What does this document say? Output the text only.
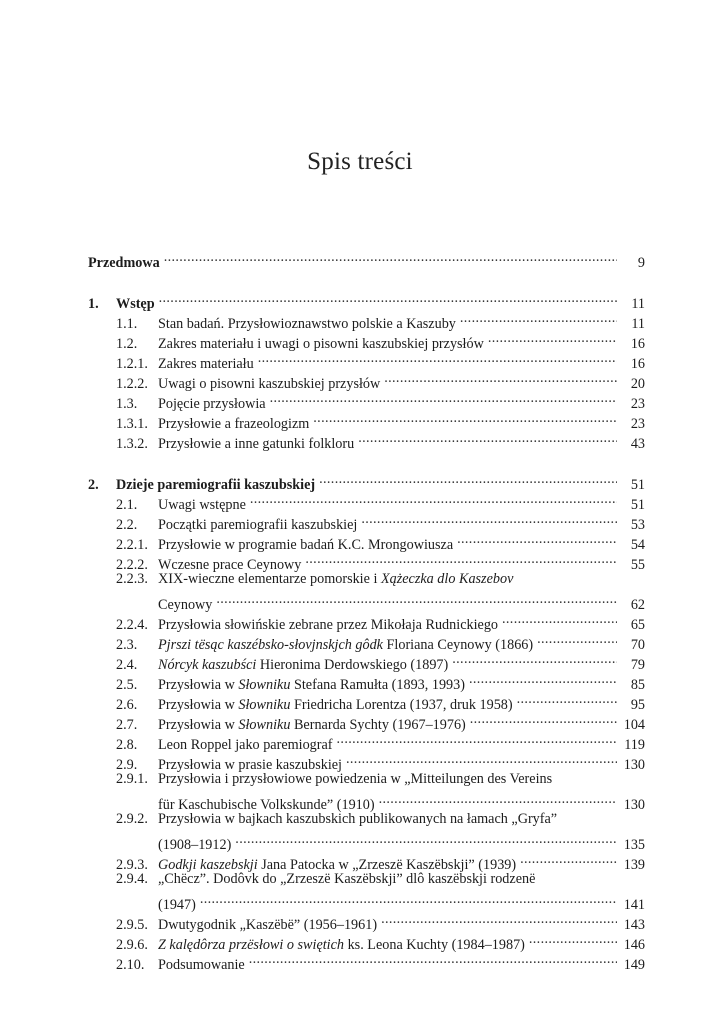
Spis treści
Przedmowa . . .	9
1.	Wstęp . . .	11
1.1.	Stan badań. Przysłowioznawstwo polskie a Kaszuby . . .	11
1.2.	Zakres materiału i uwagi o pisowni kaszubskiej przysłów . . .	16
1.2.1. Zakres materiału . . .	16
1.2.2. Uwagi o pisowni kaszubskiej przysłów . . .	20
1.3.	Pojęcie przysłowia . . .	23
1.3.1. Przysłowie a frazeologizm . . .	23
1.3.2. Przysłowie a inne gatunki folkloru . . .	43
2.	Dzieje paremiografii kaszubskiej . . .	51
2.1.	Uwagi wstępne . . .	51
2.2.	Początki paremiografii kaszubskiej . . .	53
2.2.1. Przysłowie w programie badań K.C. Mrongowiusza . . .	54
2.2.2. Wczesne prace Ceynowy . . .	55
2.2.3. XIX-wieczne elementarze pomorskie i Xążeczka dlo Kaszebov
Ceynowy . . .	62
2.2.4. Przysłowia słowińskie zebrane przez Mikołaja Rudnickiego . . .	65
2.3.	Pjrszi tësąc kaszébsko-słovjnskjch gôdk Floriana Ceynowy (1866) . . .	70
2.4.	Nórcyk kaszubści Hieronima Derdowskiego (1897) . . .	79
2.5.	Przysłowia w Słowniku Stefana Ramułta (1893, 1993) . . .	85
2.6.	Przysłowia w Słowniku Friedricha Lorentza (1937, druk 1958) . . .	95
2.7.	Przysłowia w Słowniku Bernarda Sychty (1967–1976) . . .	104
2.8.	Leon Roppel jako paremiograf . . .	119
2.9.	Przysłowia w prasie kaszubskiej . . .	130
2.9.1. Przysłowia i przysłowiowe powiedzenia w „Mitteilungen des Vereins
für Kaschubische Volkskunde” (1910) . . .	130
2.9.2. Przysłowia w bajkach kaszubskich publikowanych na łamach „Gryfa”
(1908–1912) . . .	135
2.9.3. Godkji kaszebskji Jana Patocka w „Zrzeszë Kaszëbskji” (1939) . . .	139
2.9.4. „Chëcz”. Dodôvk do „Zrzeszë Kaszëbskji” dlô kaszëbskji rodzenë
(1947) . . .	141
2.9.5. Dwutygodnik „Kaszëbë” (1956–1961) . . .	143
2.9.6. Z kalędôrza przësłowi o swiętich ks. Leona Kuchty (1984–1987) . . .	146
2.10. Podsumowanie . . .	149
